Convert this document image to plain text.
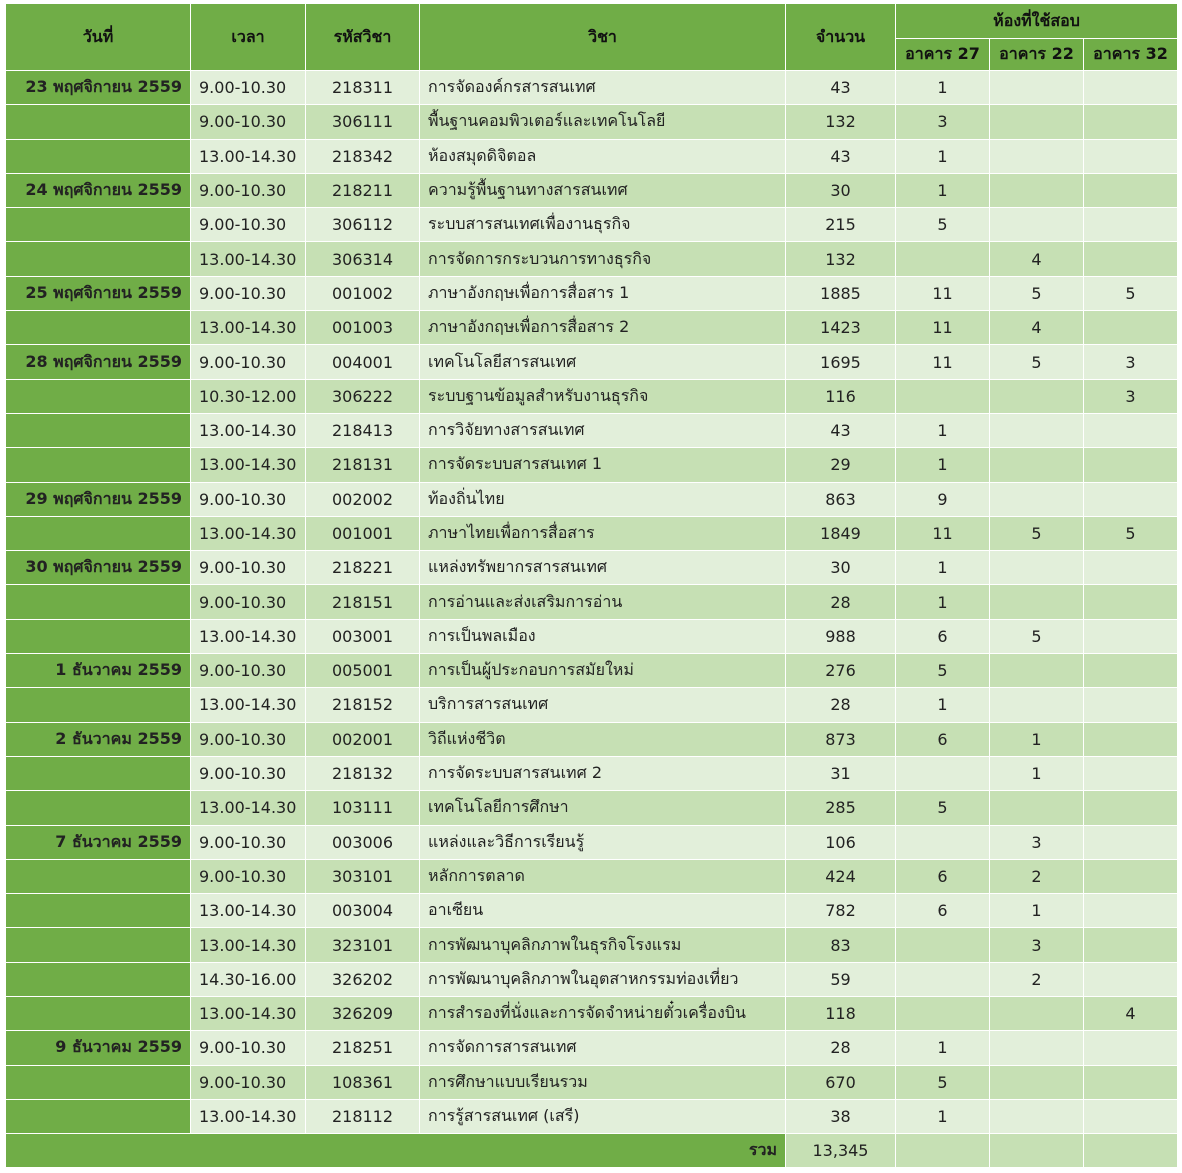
วันที่	เวลา	รหัสวิชา	วิชา	จำนวน	ห้องที่ใช้สอบ		
					อาคาร 27	อาคาร 22	อาคาร 32
23 พฤศจิกายน 2559	9.00-10.30	218311	การจัดองค์กรสารสนเทศ	43	1		
	9.00-10.30	306111	พื้นฐานคอมพิวเตอร์และเทคโนโลยี	132	3		
	13.00-14.30	218342	ห้องสมุดดิจิตอล	43	1		
24 พฤศจิกายน 2559	9.00-10.30	218211	ความรู้พื้นฐานทางสารสนเทศ	30	1		
	9.00-10.30	306112	ระบบสารสนเทศเพื่องานธุรกิจ	215	5		
	13.00-14.30	306314	การจัดการกระบวนการทางธุรกิจ	132		4	
25 พฤศจิกายน 2559	9.00-10.30	001002	ภาษาอังกฤษเพื่อการสื่อสาร 1	1885	11	5	5
	13.00-14.30	001003	ภาษาอังกฤษเพื่อการสื่อสาร 2	1423	11	4	
28 พฤศจิกายน 2559	9.00-10.30	004001	เทคโนโลยีสารสนเทศ	1695	11	5	3
	10.30-12.00	306222	ระบบฐานข้อมูลสำหรับงานธุรกิจ	116			3
	13.00-14.30	218413	การวิจัยทางสารสนเทศ	43	1		
	13.00-14.30	218131	การจัดระบบสารสนเทศ 1	29	1		
29 พฤศจิกายน 2559	9.00-10.30	002002	ท้องถิ่นไทย	863	9		
	13.00-14.30	001001	ภาษาไทยเพื่อการสื่อสาร	1849	11	5	5
30 พฤศจิกายน 2559	9.00-10.30	218221	แหล่งทรัพยากรสารสนเทศ	30	1		
	9.00-10.30	218151	การอ่านและส่งเสริมการอ่าน	28	1		
	13.00-14.30	003001	การเป็นพลเมือง	988	6	5	
1 ธันวาคม 2559	9.00-10.30	005001	การเป็นผู้ประกอบการสมัยใหม่	276	5		
	13.00-14.30	218152	บริการสารสนเทศ	28	1		
2 ธันวาคม 2559	9.00-10.30	002001	วิถีแห่งชีวิต	873	6	1	
	9.00-10.30	218132	การจัดระบบสารสนเทศ 2	31		1	
	13.00-14.30	103111	เทคโนโลยีการศึกษา	285	5		
7 ธันวาคม 2559	9.00-10.30	003006	แหล่งและวิธีการเรียนรู้	106		3	
	9.00-10.30	303101	หลักการตลาด	424	6	2	
	13.00-14.30	003004	อาเซียน	782	6	1	
	13.00-14.30	323101	การพัฒนาบุคลิกภาพในธุรกิจโรงแรม	83		3	
	14.30-16.00	326202	การพัฒนาบุคลิกภาพในอุตสาหกรรมท่องเที่ยว	59		2	
	13.00-14.30	326209	การสำรองที่นั่งและการจัดจำหน่ายตั๋วเครื่องบิน	118			4
9 ธันวาคม 2559	9.00-10.30	218251	การจัดการสารสนเทศ	28	1		
	9.00-10.30	108361	การศึกษาแบบเรียนรวม	670	5		
	13.00-14.30	218112	การรู้สารสนเทศ (เสรี)	38	1		
รวม				13,345			
